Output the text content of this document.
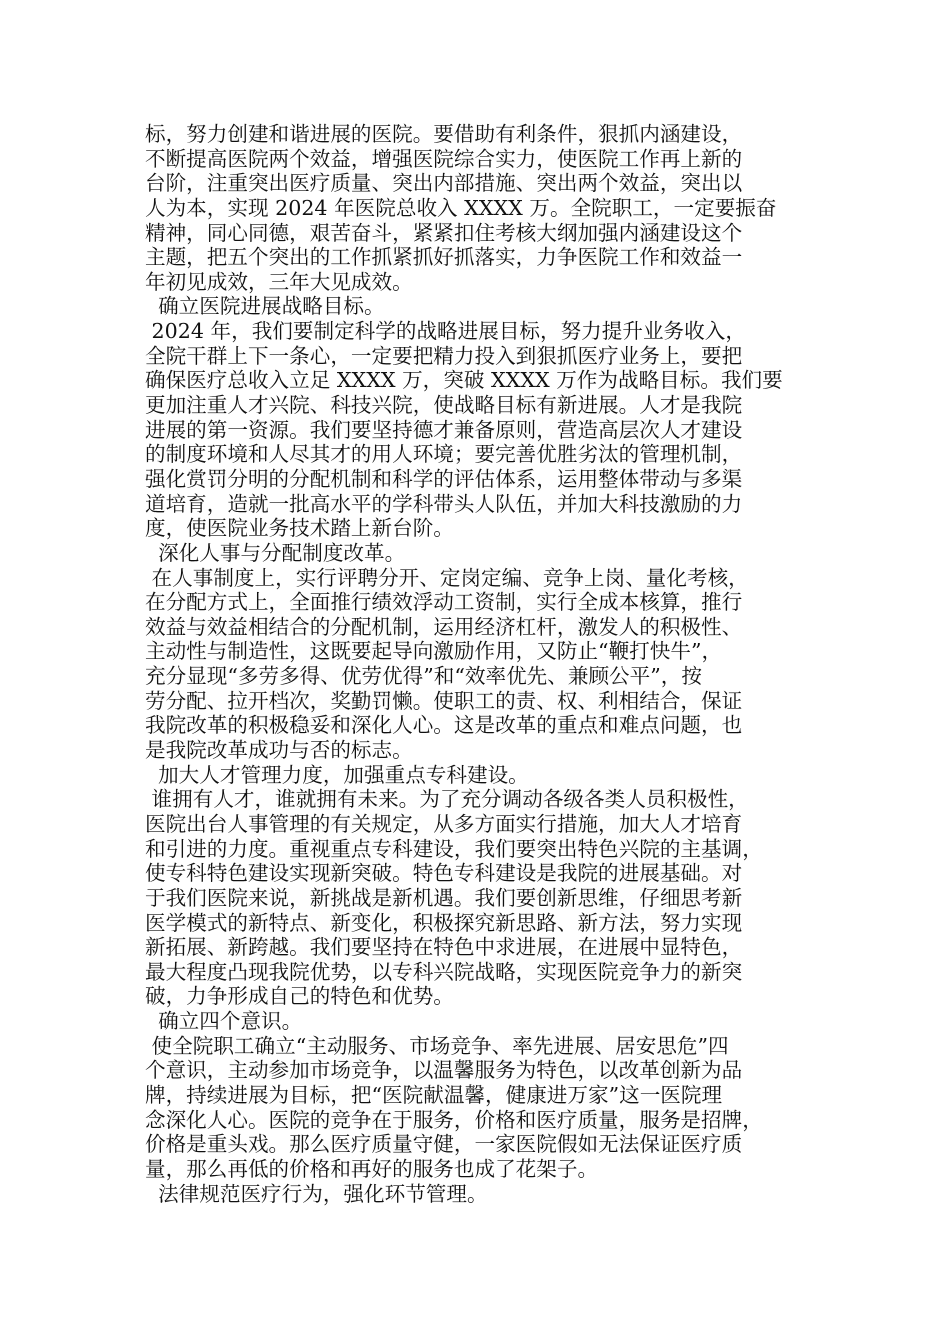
标，努力创建和谐进展的医院。要借助有利条件，狠抓内涵建设，
不断提高医院两个效益，增强医院综合实力，使医院工作再上新的
台阶，注重突出医疗质量、突出内部措施、突出两个效益，突出以
人为本，实现 2024 年医院总收入 XXXX 万。全院职工，一定要振奋
精神，同心同德，艰苦奋斗，紧紧扣住考核大纲加强内涵建设这个
主题，把五个突出的工作抓紧抓好抓落实，力争医院工作和效益一
年初见成效，三年大见成效。
确立医院进展战略目标。
2024 年，我们要制定科学的战略进展目标，努力提升业务收入，
全院干群上下一条心，一定要把精力投入到狠抓医疗业务上，要把
确保医疗总收入立足 XXXX 万，突破 XXXX 万作为战略目标。我们要
更加注重人才兴院、科技兴院，使战略目标有新进展。人才是我院
进展的第一资源。我们要坚持德才兼备原则，营造高层次人才建设
的制度环境和人尽其才的用人环境；要完善优胜劣汰的管理机制，
强化赏罚分明的分配机制和科学的评估体系，运用整体带动与多渠
道培育，造就一批高水平的学科带头人队伍，并加大科技激励的力
度，使医院业务技术踏上新台阶。
深化人事与分配制度改革。
在人事制度上，实行评聘分开、定岗定编、竞争上岗、量化考核，
在分配方式上，全面推行绩效浮动工资制，实行全成本核算，推行
效益与效益相结合的分配机制，运用经济杠杆，激发人的积极性、
主动性与制造性，这既要起导向激励作用，又防止“鞭打快牛”，
充分显现“多劳多得、优劳优得”和“效率优先、兼顾公平”，按
劳分配、拉开档次，奖勤罚懒。使职工的责、权、利相结合，保证
我院改革的积极稳妥和深化人心。这是改革的重点和难点问题，也
是我院改革成功与否的标志。
加大人才管理力度，加强重点专科建设。
谁拥有人才，谁就拥有未来。为了充分调动各级各类人员积极性，
医院出台人事管理的有关规定，从多方面实行措施，加大人才培育
和引进的力度。重视重点专科建设，我们要突出特色兴院的主基调，
使专科特色建设实现新突破。特色专科建设是我院的进展基础。对
于我们医院来说，新挑战是新机遇。我们要创新思维，仔细思考新
医学模式的新特点、新变化，积极探究新思路、新方法，努力实现
新拓展、新跨越。我们要坚持在特色中求进展，在进展中显特色，
最大程度凸现我院优势，以专科兴院战略，实现医院竞争力的新突
破，力争形成自己的特色和优势。
确立四个意识。
使全院职工确立“主动服务、市场竞争、率先进展、居安思危”四
个意识，主动参加市场竞争，以温馨服务为特色，以改革创新为品
牌，持续进展为目标，把“医院献温馨，健康进万家”这一医院理
念深化人心。医院的竞争在于服务，价格和医疗质量，服务是招牌，
价格是重头戏。那么医疗质量守健，一家医院假如无法保证医疗质
量，那么再低的价格和再好的服务也成了花架子。
法律规范医疗行为，强化环节管理。
